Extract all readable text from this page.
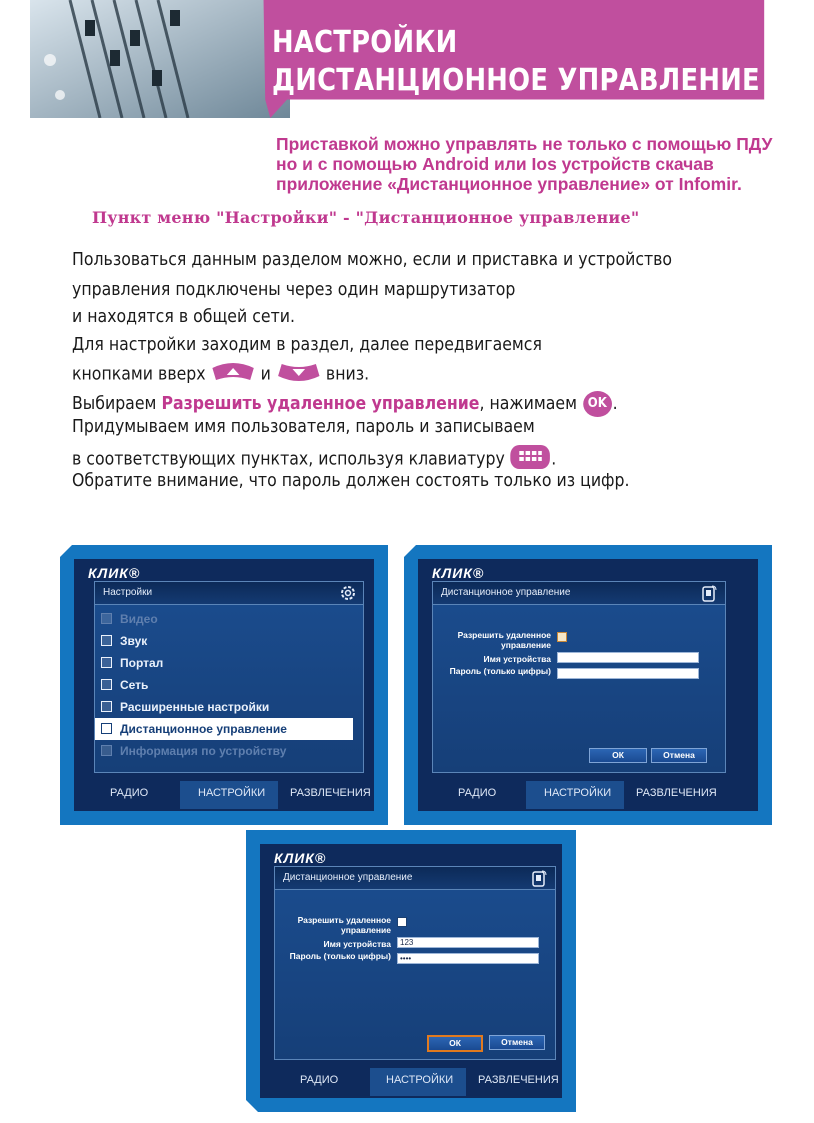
НАСТРОЙКИ
ДИСТАНЦИОННОЕ УПРАВЛЕНИЕ
Приставкой можно управлять не только с помощью ПДУ но и с помощью Android или Ios устройств скачав приложение «Дистанционное управление» от Infomir.
Пункт меню "Настройки" - "Дистанционное управление"
Пользоваться данным разделом можно, если и приставка и устройство
управления подключены через один маршрутизатор
и находятся в общей сети.
Для настройки заходим в раздел, далее передвигаемся
кнопками вверх	и	вниз.
Выбираем Разрешить удаленное управление, нажимаем OK .
Придумываем имя пользователя, пароль и записываем
в соответствующих пунктах, используя клавиатуру	.
Обратите внимание, что пароль должен состоять только из цифр.
КЛИК®
Настройки
Видео
Звук
Портал
Сеть
Расширенные настройки
Дистанционное управление
Информация по устройству
РАДИО	НАСТРОЙКИ РАЗВЛЕЧЕНИЯ
КЛИК®
Дистанционное управление
Разрешить удаленное управление
Имя устройства
Пароль (только цифры)
ОК	Отмена
РАДИО	НАСТРОЙКИ РАЗВЛЕЧЕНИЯ
КЛИК®
Дистанционное управление
Разрешить удаленное управление
Имя устройства	123
Пароль (только цифры)	••••
ОК	Отмена
РАДИО	НАСТРОЙКИ РАЗВЛЕЧЕНИЯ
